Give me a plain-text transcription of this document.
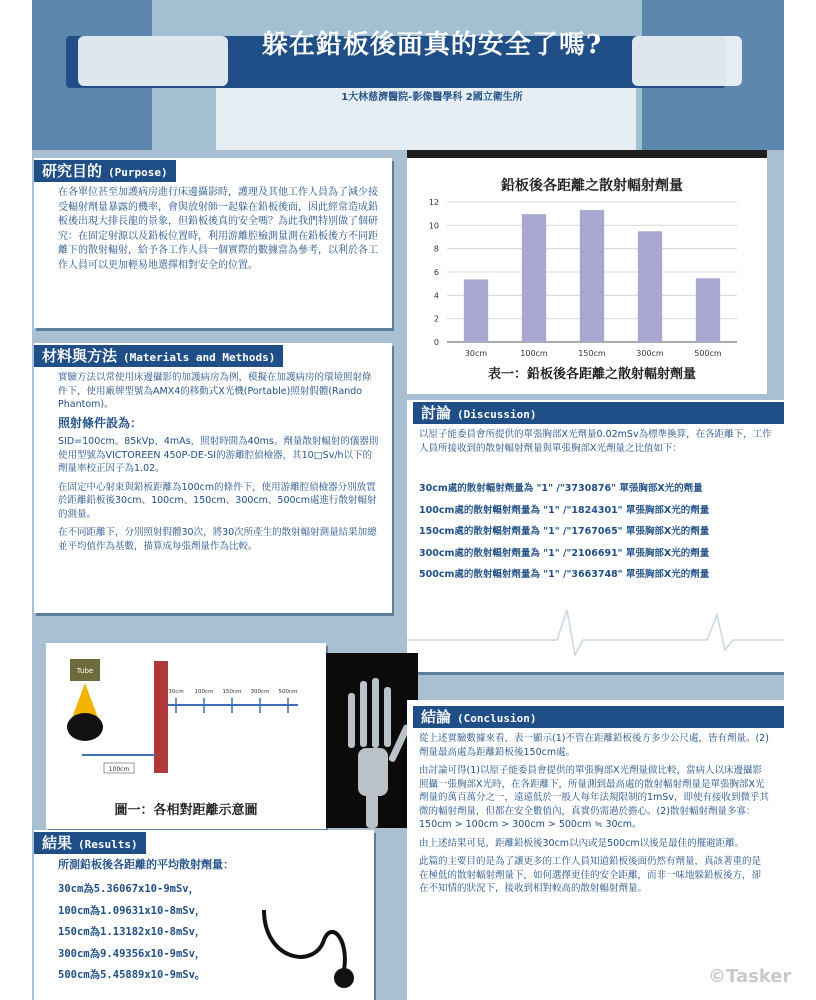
躲在鉛板後面真的安全了嗎?
張文杰1 蔡明儒2 陳俊利3 劉展鵬4
1大林慈濟醫院-影像醫學科 2國立衛生所
研究目的 (Purpose)
在各單位甚至加護病房進行床邊攝影時，護理及其他工作人員為了減少接受輻射劑量暴露的機率，會與放射師一起躲在鉛板後面，因此經常造成鉛板後出現大排長龍的景象，但鉛板後真的安全嗎？為此我們特別做了個研究：在固定射源以及鉛板位置時，利用游離腔檢測量測在鉛板後方不同距離下的散射輻射，給予各工作人員一個實際的數據當為參考，以利於各工作人員可以更加輕易地選擇相對安全的位置。
材料與方法 (Materials and Methods)

實驗方法以常使用床邊攝影的加護病房為例，模擬在加護病房的環境照射條件下，使用廠牌型號為AMX4的移動式X光機(Portable)照射假體(Rando Phantom)。

照射條件設為：

SID=100cm、85kVp、4mAs，照射時間為40ms。劑量散射輻射的儀器則使用型號為VICTOREEN 450P-DE-SI的游離腔偵檢器，其10□Sv/h以下的劑量率校正因子為1.02。

在固定中心射束與鉛板距離為100cm的條件下，使用游離腔偵檢器分別放置於距離鉛板後30cm、100cm、150cm、300cm、500cm處進行散射輻射的測量。

在不同距離下，分別照射假體30次，將30次所產生的散射輻射測量結果加總並平均值作為基數，描算成每張劑量作為比較。

鉛板後各距離之散射輻射劑量
0
2
4
6
8
10
12
30cm	100cm	150cm	300cm	500cm
表一：鉛板後各距離之散射輻射劑量
討論 (Discussion)
以原子能委員會所提供的單張胸部X光劑量0.02mSv為標準換算，在各距離下，工作人員所接收到的散射輻射劑量與單張胸部X光劑量之比值如下：
30cm處的散射輻射劑量為 "1" /"3730876" 單張胸部X光的劑量
100cm處的散射輻射劑量為 "1" /"1824301" 單張胸部X光的劑量
150cm處的散射輻射劑量為 "1" /"1767065" 單張胸部X光的劑量
300cm處的散射輻射劑量為 "1" /"2106691" 單張胸部X光的劑量
500cm處的散射輻射劑量為 "1" /"3663748" 單張胸部X光的劑量
Tube
30cm 100cm 150cm 300cm 500cm
100cm
圖一：各相對距離示意圖
結果 (Results)
所測鉛板後各距離的平均散射劑量：
30cm為5.36067x10-9mSv，
100cm為1.09631x10-8mSv，
150cm為1.13182x10-8mSv，
300cm為9.49356x10-9mSv，
500cm為5.45889x10-9mSv。
結論 (Conclusion)

從上述實驗數據來看，表一顯示(1)不管在距離鉛板後方多少公尺處，皆有劑量。(2)劑量最高處為距離鉛板後150cm處。

由討論可得(1)以原子能委員會提供的單張胸部X光劑量做比較，當病人以床邊攝影照攝一張胸部X光時，在各距離下，所量測到最高處的散射輻射劑量是單張胸部X光劑量的萬百萬分之一，遠遠低於一般人每年法規限制的1mSv，即使有接收到微乎其微的輻射劑量，但都在安全數值內，真實仍需過於擔心。(2)散射輻射劑量多寡：150cm > 100cm > 300cm > 500cm ≒ 30cm。

由上述結果可見，距離鉛板後30cm以內或是500cm以後是最佳的擺避距離。

此篇的主要目的是為了讓更多的工作人員知道鉛板後面仍然有劑量，真該著重的是在極低的散射輻射劑量下，如何選擇更佳的安全距離，而非一味地躲鉛板後方，卻在不知情的狀況下，接收到相對較高的散射輻射劑量。

©Tasker
